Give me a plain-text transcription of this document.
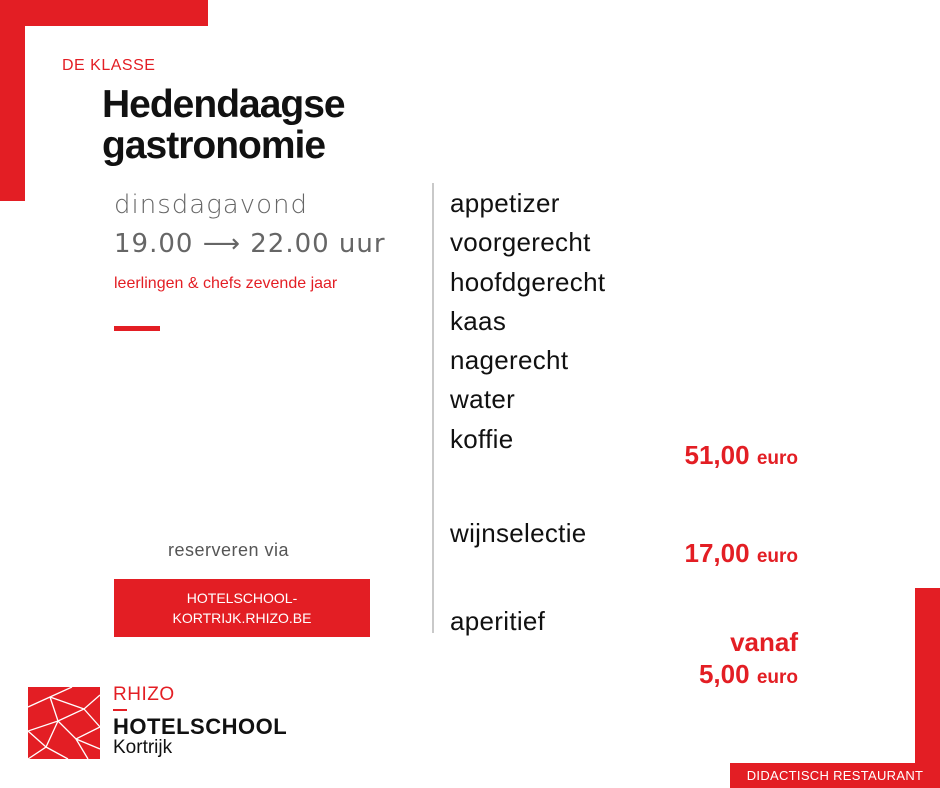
DIDACTISCH RESTAURANT
DE KLASSE
Hedendaagse
gastronomie
dinsdagavond
19.00 ⟶ 22.00 uur
leerlingen & chefs zevende jaar
reserveren via
HOTELSCHOOL-
KORTRIJK.RHIZO.BE
appetizer
voorgerecht
hoofdgerecht
kaas
nagerecht
water
koffie
51,00 euro
wijnselectie
17,00 euro
aperitief
vanaf
5,00 euro
RHIZO
HOTELSCHOOL
Kortrijk
